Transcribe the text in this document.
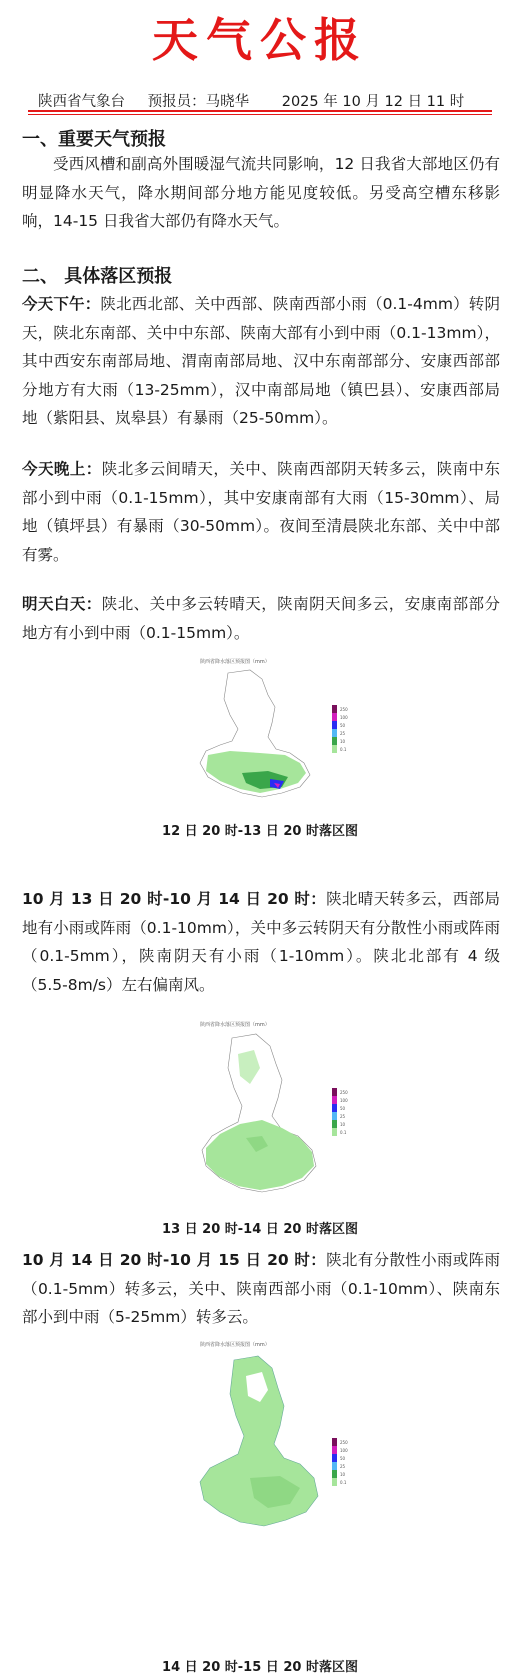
天气公报
陕西省气象台 预报员：马晓华 2025 年 10 月 12 日 11 时
一、重要天气预报

受西风槽和副高外围暖湿气流共同影响，12 日我省大部地区仍有明显降水天气，降水期间部分地方能见度较低。另受高空槽东移影响，14-15 日我省大部仍有降水天气。

二、 具体落区预报

今天下午：陕北西北部、关中西部、陕南西部小雨（0.1-4mm）转阴天，陕北东南部、关中中东部、陕南大部有小到中雨（0.1-13mm），其中西安东南部局地、渭南南部局地、汉中东南部部分、安康西部部分地方有大雨（13-25mm），汉中南部局地（镇巴县）、安康西部局地（紫阳县、岚皋县）有暴雨（25-50mm）。

今天晚上：陕北多云间晴天，关中、陕南西部阴天转多云，陕南中东部小到中雨（0.1-15mm），其中安康南部有大雨（15-30mm）、局地（镇坪县）有暴雨（30-50mm）。夜间至清晨陕北东部、关中中部有雾。

明天白天：陕北、关中多云转晴天，陕南阴天间多云，安康南部部分地方有小到中雨（0.1-15mm）。

陕西省降水落区预报图（mm）
250
100
50
25
10
0.1
12 日 20 时-13 日 20 时落区图

10 月 13 日 20 时-10 月 14 日 20 时：陕北晴天转多云，西部局地有小雨或阵雨（0.1-10mm），关中多云转阴天有分散性小雨或阵雨（0.1-5mm），陕南阴天有小雨（1-10mm）。陕北北部有 4 级（5.5-8m/s）左右偏南风。

陕西省降水落区预报图（mm）
250
100
50
25
10
0.1
13 日 20 时-14 日 20 时落区图

10 月 14 日 20 时-10 月 15 日 20 时：陕北有分散性小雨或阵雨（0.1-5mm）转多云，关中、陕南西部小雨（0.1-10mm）、陕南东部小到中雨（5-25mm）转多云。

陕西省降水落区预报图（mm）
250
100
50
25
10
0.1
14 日 20 时-15 日 20 时落区图
